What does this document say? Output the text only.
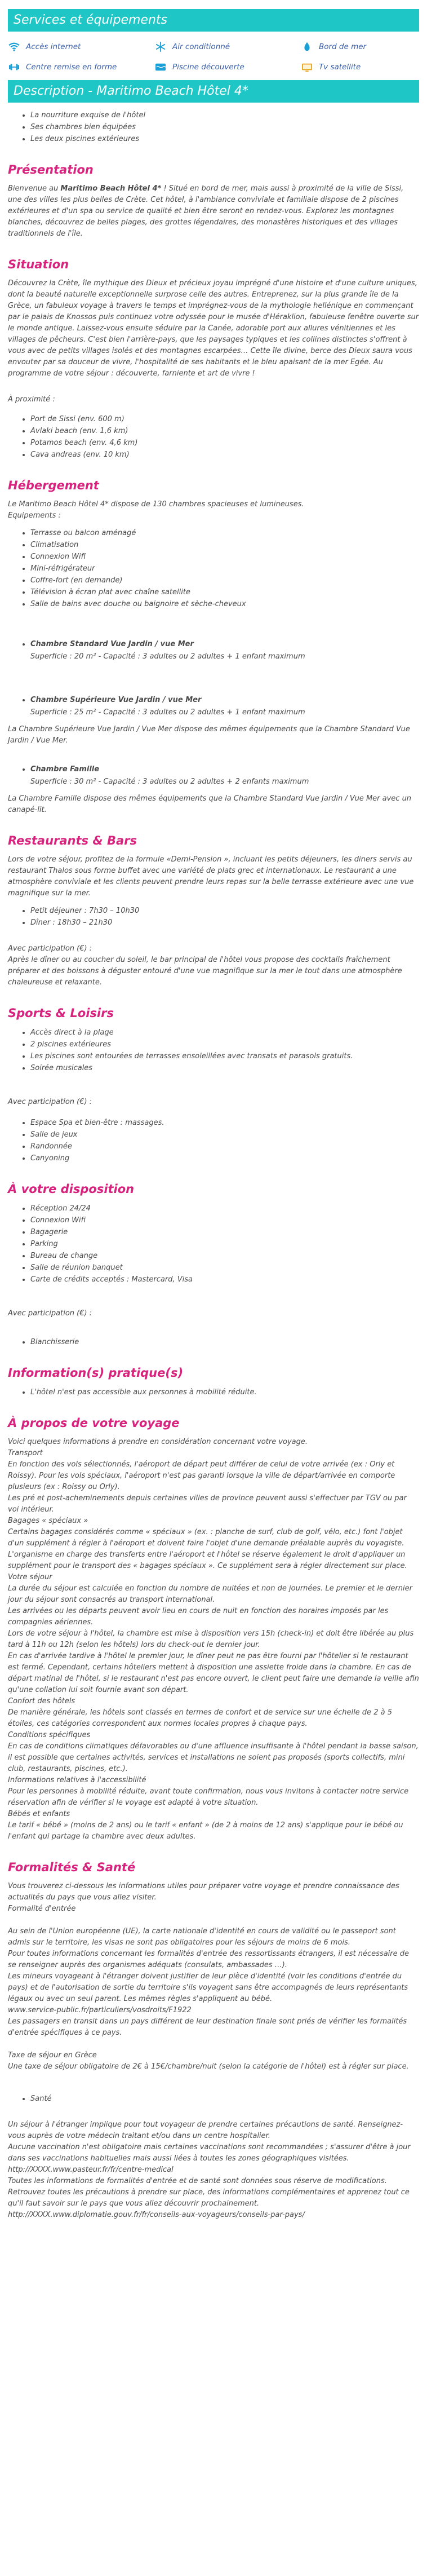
Services et équipements
Accès internet	Air conditionné	Bord de mer
Centre remise en forme	Piscine découverte	Tv satellite
Description - Maritimo Beach Hôtel 4*
• La nourriture exquise de l'hôtel
• Ses chambres bien équipées
• Les deux piscines extérieures
Présentation

Bienvenue au Maritimo Beach Hôtel 4* ! Situé en bord de mer, mais aussi à proximité de la ville de Sissi, une des villes les plus belles de Crète. Cet hôtel, à l'ambiance conviviale et familiale dispose de 2 piscines extérieures et d'un spa ou service de qualité et bien être seront en rendez-vous. Explorez les montagnes blanches, découvrez de belles plages, des grottes légendaires, des monastères historiques et des villages traditionnels de l'île.

Situation

Découvrez la Crète, île mythique des Dieux et précieux joyau imprégné d'une histoire et d'une culture uniques, dont la beauté naturelle exceptionnelle surprose celle des autres. Entreprenez, sur la plus grande île de la Grèce, un fabuleux voyage à travers le temps et imprégnez-vous de la mythologie hellénique en commençant par le palais de Knossos puis continuez votre odyssée pour le musée d'Héraklion, fabuleuse fenêtre ouverte sur le monde antique. Laissez-vous ensuite séduire par la Canée, adorable port aux allures vénitiennes et les villages de pêcheurs. C'est bien l'arrière-pays, que les paysages typiques et les collines distinctes s'offrent à vous avec de petits villages isolés et des montagnes escarpées… Cette île divine, berce des Dieux saura vous envouter par sa douceur de vivre, l'hospitalité de ses habitants et le bleu apaisant de la mer Egée. Au programme de votre séjour : découverte, farniente et art de vivre !

À proximité :

• Port de Sissi (env. 600 m)
• Avlaki beach (env. 1,6 km)
• Potamos beach (env. 4,6 km)
• Cava andreas (env. 10 km)
Hébergement

Le Maritimo Beach Hôtel 4* dispose de 130 chambres spacieuses et lumineuses.

Equipements :

• Terrasse ou balcon aménagé
• Climatisation
• Connexion Wifi
• Mini-réfrigérateur
• Coffre-fort (en demande)
• Télévision à écran plat avec chaîne satellite
• Salle de bains avec douche ou baignoire et sèche-cheveux
• Chambre Standard Vue Jardin / vue Mer

Superficie : 20 m² - Capacité : 3 adultes ou 2 adultes + 1 enfant maximum

• Chambre Supérieure Vue Jardin / vue Mer

Superficie : 25 m² - Capacité : 3 adultes ou 2 adultes + 1 enfant maximum

La Chambre Supérieure Vue Jardin / Vue Mer dispose des mêmes équipements que la Chambre Standard Vue Jardin / Vue Mer.

• Chambre Famille

Superficie : 30 m² - Capacité : 3 adultes ou 2 adultes + 2 enfants maximum

La Chambre Famille dispose des mêmes équipements que la Chambre Standard Vue Jardin / Vue Mer avec un canapé-lit.

Restaurants & Bars

Lors de votre séjour, profitez de la formule «Demi-Pension », incluant les petits déjeuners, les diners servis au restaurant Thalos sous forme buffet avec une variété de plats grec et internationaux. Le restaurant a une atmosphère conviviale et les clients peuvent prendre leurs repas sur la belle terrasse extérieure avec une vue magnifique sur la mer.

• Petit déjeuner : 7h30 – 10h30
• Dîner : 18h30 – 21h30

Avec participation (€) :

Après le dîner ou au coucher du soleil, le bar principal de l'hôtel vous propose des cocktails fraîchement préparer et des boissons à déguster entouré d'une vue magnifique sur la mer le tout dans une atmosphère chaleureuse et relaxante.

Sports & Loisirs
• Accès direct à la plage
• 2 piscines extérieures
• Les piscines sont entourées de terrasses ensoleillées avec transats et parasols gratuits.
• Soirée musicales

Avec participation (€) :

• Espace Spa et bien-être : massages.
• Salle de jeux
• Randonnée
• Canyoning
À votre disposition
• Réception 24/24
• Connexion Wifi
• Bagagerie
• Parking
• Bureau de change
• Salle de réunion banquet
• Carte de crédits acceptés : Mastercard, Visa

Avec participation (€) :

• Blanchisserie
Information(s) pratique(s)
• L'hôtel n'est pas accessible aux personnes à mobilité réduite.
À propos de votre voyage

Voici quelques informations à prendre en considération concernant votre voyage.

Transport

En fonction des vols sélectionnés, l'aéroport de départ peut différer de celui de votre arrivée (ex : Orly et Roissy). Pour les vols spéciaux, l'aéroport n'est pas garanti lorsque la ville de départ/arrivée en comporte plusieurs (ex : Roissy ou Orly).

Les pré et post-acheminements depuis certaines villes de province peuvent aussi s'effectuer par TGV ou par voi intérieur.

Bagages « spéciaux »

Certains bagages considérés comme « spéciaux » (ex. : planche de surf, club de golf, vélo, etc.) font l'objet d'un supplément à régler à l'aéroport et doivent faire l'objet d'une demande préalable auprès du voyagiste. L'organisme en charge des transferts entre l'aéroport et l'hôtel se réserve également le droit d'appliquer un supplément pour le transport des « bagages spéciaux ». Ce supplément sera à régler directement sur place.

Votre séjour

La durée du séjour est calculée en fonction du nombre de nuitées et non de journées. Le premier et le dernier jour du séjour sont consacrés au transport international.

Les arrivées ou les départs peuvent avoir lieu en cours de nuit en fonction des horaires imposés par les compagnies aériennes.

Lors de votre séjour à l'hôtel, la chambre est mise à disposition vers 15h (check-in) et doit être libérée au plus tard à 11h ou 12h (selon les hôtels) lors du check-out le dernier jour.

En cas d'arrivée tardive à l'hôtel le premier jour, le dîner peut ne pas être fourni par l'hôtelier si le restaurant est fermé. Cependant, certains hôteliers mettent à disposition une assiette froide dans la chambre. En cas de départ matinal de l'hôtel, si le restaurant n'est pas encore ouvert, le client peut faire une demande la veille afin qu'une collation lui soit fournie avant son départ.

Confort des hôtels

De manière générale, les hôtels sont classés en termes de confort et de service sur une échelle de 2 à 5 étoiles, ces catégories correspondent aux normes locales propres à chaque pays.

Conditions spécifiques

En cas de conditions climatiques défavorables ou d'une affluence insuffisante à l'hôtel pendant la basse saison, il est possible que certaines activités, services et installations ne soient pas proposés (sports collectifs, mini club, restaurants, piscines, etc.).

Informations relatives à l'accessibilité

Pour les personnes à mobilité réduite, avant toute confirmation, nous vous invitons à contacter notre service réservation afin de vérifier si le voyage est adapté à votre situation.

Bébés et enfants

Le tarif « bébé » (moins de 2 ans) ou le tarif « enfant » (de 2 à moins de 12 ans) s'applique pour le bébé ou l'enfant qui partage la chambre avec deux adultes.

Formalités & Santé

Vous trouverez ci-dessous les informations utiles pour préparer votre voyage et prendre connaissance des actualités du pays que vous allez visiter.

Formalité d'entrée

Au sein de l'Union européenne (UE), la carte nationale d'identité en cours de validité ou le passeport sont admis sur le territoire, les visas ne sont pas obligatoires pour les séjours de moins de 6 mois.

Pour toutes informations concernant les formalités d'entrée des ressortissants étrangers, il est nécessaire de se renseigner auprès des organismes adéquats (consulats, ambassades …).

Les mineurs voyageant à l'étranger doivent justifier de leur pièce d'identité (voir les conditions d'entrée du pays) et de l'autorisation de sortie du territoire s'ils voyagent sans être accompagnés de leurs représentants légaux ou avec un seul parent. Les mêmes règles s'appliquent au bébé.

www.service-public.fr/particuliers/vosdroits/F1922

Les passagers en transit dans un pays différent de leur destination finale sont priés de vérifier les formalités d'entrée spécifiques à ce pays.

Taxe de séjour en Grèce

Une taxe de séjour obligatoire de 2€ à 15€/chambre/nuit (selon la catégorie de l'hôtel) est à régler sur place.

• Santé

Un séjour à l'étranger implique pour tout voyageur de prendre certaines précautions de santé. Renseignez-vous auprès de votre médecin traitant et/ou dans un centre hospitalier.

Aucune vaccination n'est obligatoire mais certaines vaccinations sont recommandées ; s'assurer d'être à jour dans ses vaccinations habituelles mais aussi liées à toutes les zones géographiques visitées.

http://XXXX.www.pasteur.fr/fr/centre-medical

Toutes les informations de formalités d'entrée et de santé sont données sous réserve de modifications.

Retrouvez toutes les précautions à prendre sur place, des informations complémentaires et apprenez tout ce qu'il faut savoir sur le pays que vous allez découvrir prochainement.

http://XXXX.www.diplomatie.gouv.fr/fr/conseils-aux-voyageurs/conseils-par-pays/
